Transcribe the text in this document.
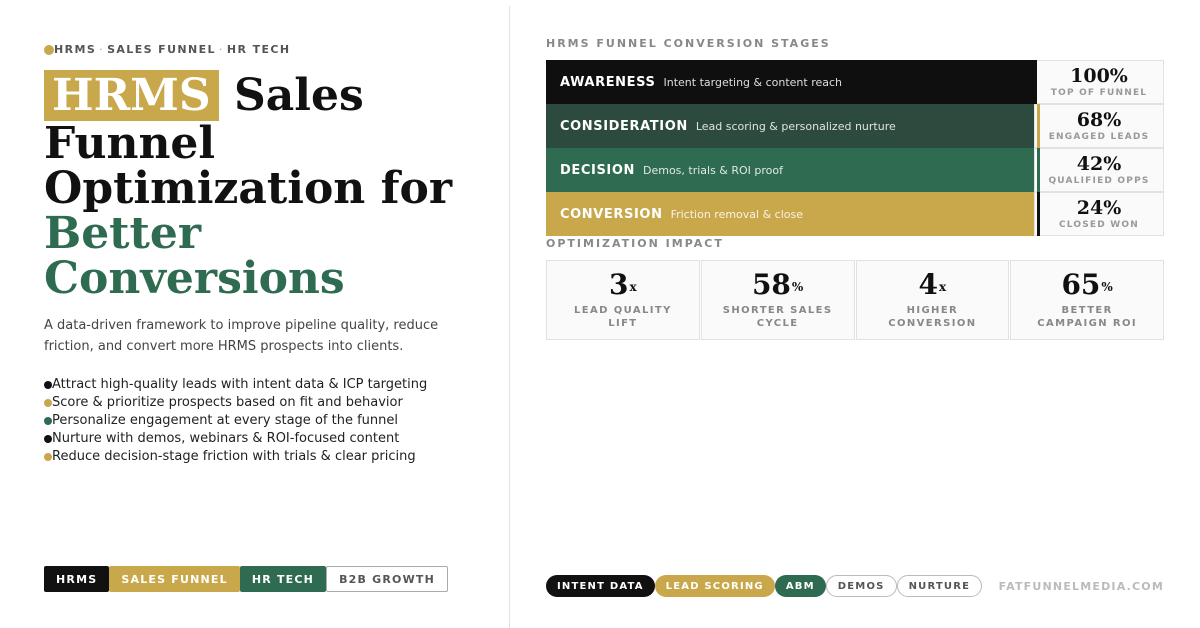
HRMS · SALES FUNNEL · HR TECH
HRMS Sales
Funnel
Optimization for
Better
Conversions

A data-driven framework to improve pipeline quality, reduce friction, and convert more HRMS prospects into clients.

Attract high-quality leads with intent data & ICP targeting
Score & prioritize prospects based on fit and behavior
Personalize engagement at every stage of the funnel
Nurture with demos, webinars & ROI-focused content
Reduce decision-stage friction with trials & clear pricing
HRMS	SALES FUNNEL	HR TECH	B2B GROWTH
HRMS FUNNEL CONVERSION STAGES
AWARENESS Intent targeting & content reach	100%
TOP OF FUNNEL
CONSIDERATION Lead scoring & personalized nurture	68%
ENGAGED LEADS
DECISION Demos, trials & ROI proof	42%
QUALIFIED OPPS
CONVERSION Friction removal & close	24%
CLOSED WON
OPTIMIZATION IMPACT
3$^x$
LEAD QUALITY LIFT
58%
SHORTER SALES CYCLE
4$^x$
HIGHER CONVERSION
65%
BETTER CAMPAIGN ROI
INTENT DATA	LEAD SCORING	ABM	DEMOS	NURTURE	FATFUNNELMEDIA.COM
